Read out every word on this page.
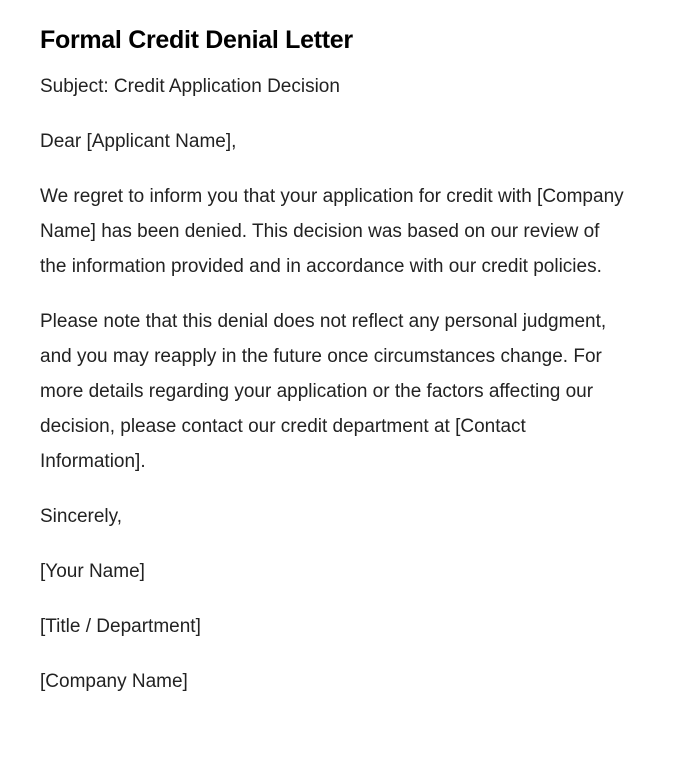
Formal Credit Denial Letter

Subject: Credit Application Decision

Dear [Applicant Name],

We regret to inform you that your application for credit with [Company Name] has been denied. This decision was based on our review of the information provided and in accordance with our credit policies.

Please note that this denial does not reflect any personal judgment, and you may reapply in the future once circumstances change. For more details regarding your application or the factors affecting our decision, please contact our credit department at [Contact Information].

Sincerely,

[Your Name]

[Title / Department]

[Company Name]
